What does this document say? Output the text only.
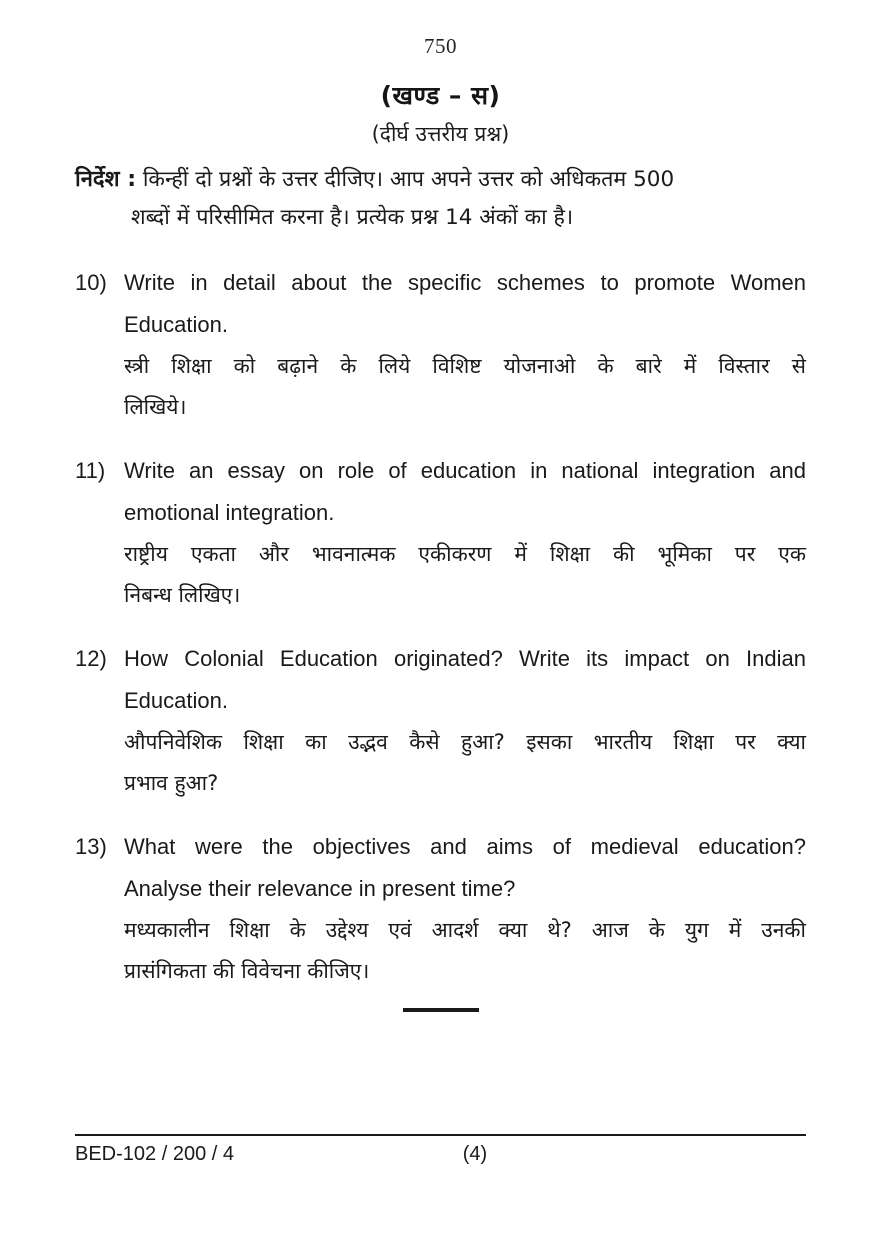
750
(खण्ड – स)
(दीर्घ उत्तरीय प्रश्न)
निर्देश : किन्हीं दो प्रश्नों के उत्तर दीजिए। आप अपने उत्तर को अधिकतम 500
शब्दों में परिसीमित करना है। प्रत्येक प्रश्न 14 अंकों का है।
10) Write in detail about the specific schemes to promote Women

Education.

स्त्री शिक्षा को बढ़ाने के लिये विशिष्ट योजनाओ के बारे में विस्तार से

लिखिये।

11) Write an essay on role of education in national integration and

emotional integration.

राष्ट्रीय एकता और भावनात्मक एकीकरण में शिक्षा की भूमिका पर एक

निबन्ध लिखिए।

12) How Colonial Education originated? Write its impact on Indian

Education.

औपनिवेशिक शिक्षा का उद्भव कैसे हुआ? इसका भारतीय शिक्षा पर क्या

प्रभाव हुआ?

13) What were the objectives and aims of medieval education?

Analyse their relevance in present time?

मध्यकालीन शिक्षा के उद्देश्य एवं आदर्श क्या थे? आज के युग में उनकी

प्रासंगिकता की विवेचना कीजिए।

BED-102 / 200 / 4	(4)
